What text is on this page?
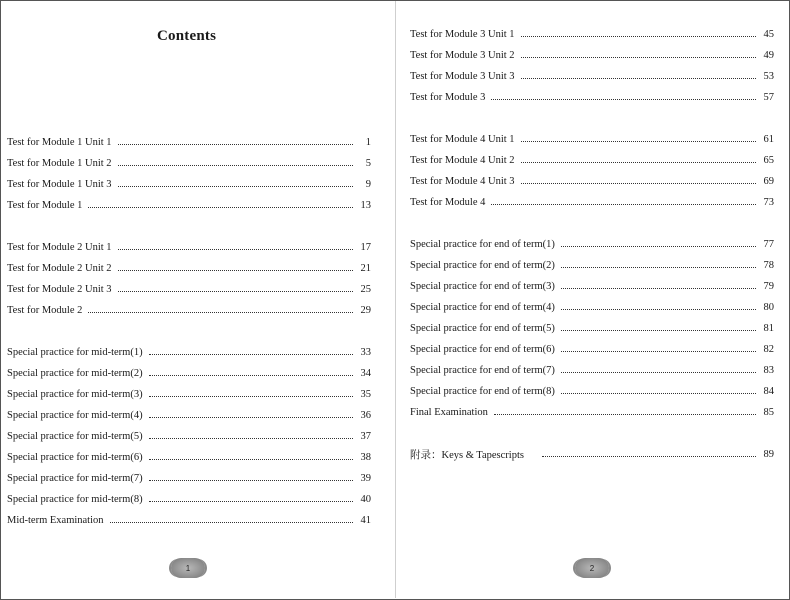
Contents
Test for Module 1 Unit 1	1
Test for Module 1 Unit 2	5
Test for Module 1 Unit 3	9
Test for Module 1	13
Test for Module 2 Unit 1	17
Test for Module 2 Unit 2	21
Test for Module 2 Unit 3	25
Test for Module 2	29
Special practice for mid-term(1)	33
Special practice for mid-term(2)	34
Special practice for mid-term(3)	35
Special practice for mid-term(4)	36
Special practice for mid-term(5)	37
Special practice for mid-term(6)	38
Special practice for mid-term(7)	39
Special practice for mid-term(8)	40
Mid-term Examination	41
1
Test for Module 3 Unit 1	45
Test for Module 3 Unit 2	49
Test for Module 3 Unit 3	53
Test for Module 3	57
Test for Module 4 Unit 1	61
Test for Module 4 Unit 2	65
Test for Module 4 Unit 3	69
Test for Module 4	73
Special practice for end of term(1)	77
Special practice for end of term(2)	78
Special practice for end of term(3)	79
Special practice for end of term(4)	80
Special practice for end of term(5)	81
Special practice for end of term(6)	82
Special practice for end of term(7)	83
Special practice for end of term(8)	84
Final Examination	85
附录：Keys & Tapescripts	89
2
